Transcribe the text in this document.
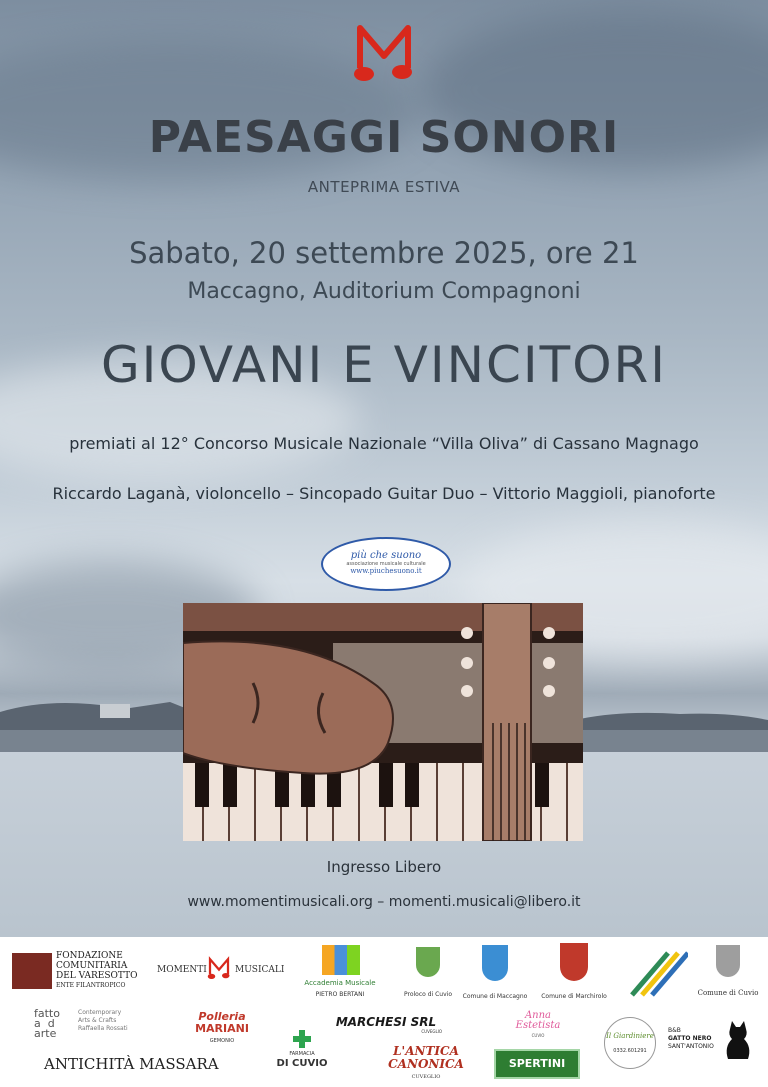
PAESAGGI SONORI
ANTEPRIMA ESTIVA
Sabato, 20 settembre 2025, ore 21
Maccagno, Auditorium Compagnoni
GIOVANI E VINCITORI
premiati al 12° Concorso Musicale Nazionale “Villa Oliva” di Cassano Magnago
Riccardo Laganà, violoncello – Sincopado Guitar Duo – Vittorio Maggioli, pianoforte
più che suono
associazione musicale culturale
www.piuchesuono.it
Ingresso Libero
www.momentimusicali.org – momenti.musicali@libero.it
FONDAZIONE
COMUNITARIA
DEL VARESOTTO
ENTE FILANTROPICO
MOMENTI	MUSICALI
Accademia Musicale
PIETRO BERTANI	Proloco di Cuvio	Comune di Maccagno	Comune di Marchirolo	Comune di Cuvio
fatto
a  d
arte
Contemporary
Arts & Crafts
Raffaella Rossati
Polleria
MARIANI
GEMONIO
MARCHESI SRL
CUVEGLIO
Anna
Estetista
CUVIO	Il Giardiniere
0332.601291
B&B
GATTO NERO
SANT'ANTONIO
ANTICHITÀ MASSARA
FARMACIA
DI CUVIO
L'ANTICA
CANONICA
CUVEGLIO
SPERTINI
